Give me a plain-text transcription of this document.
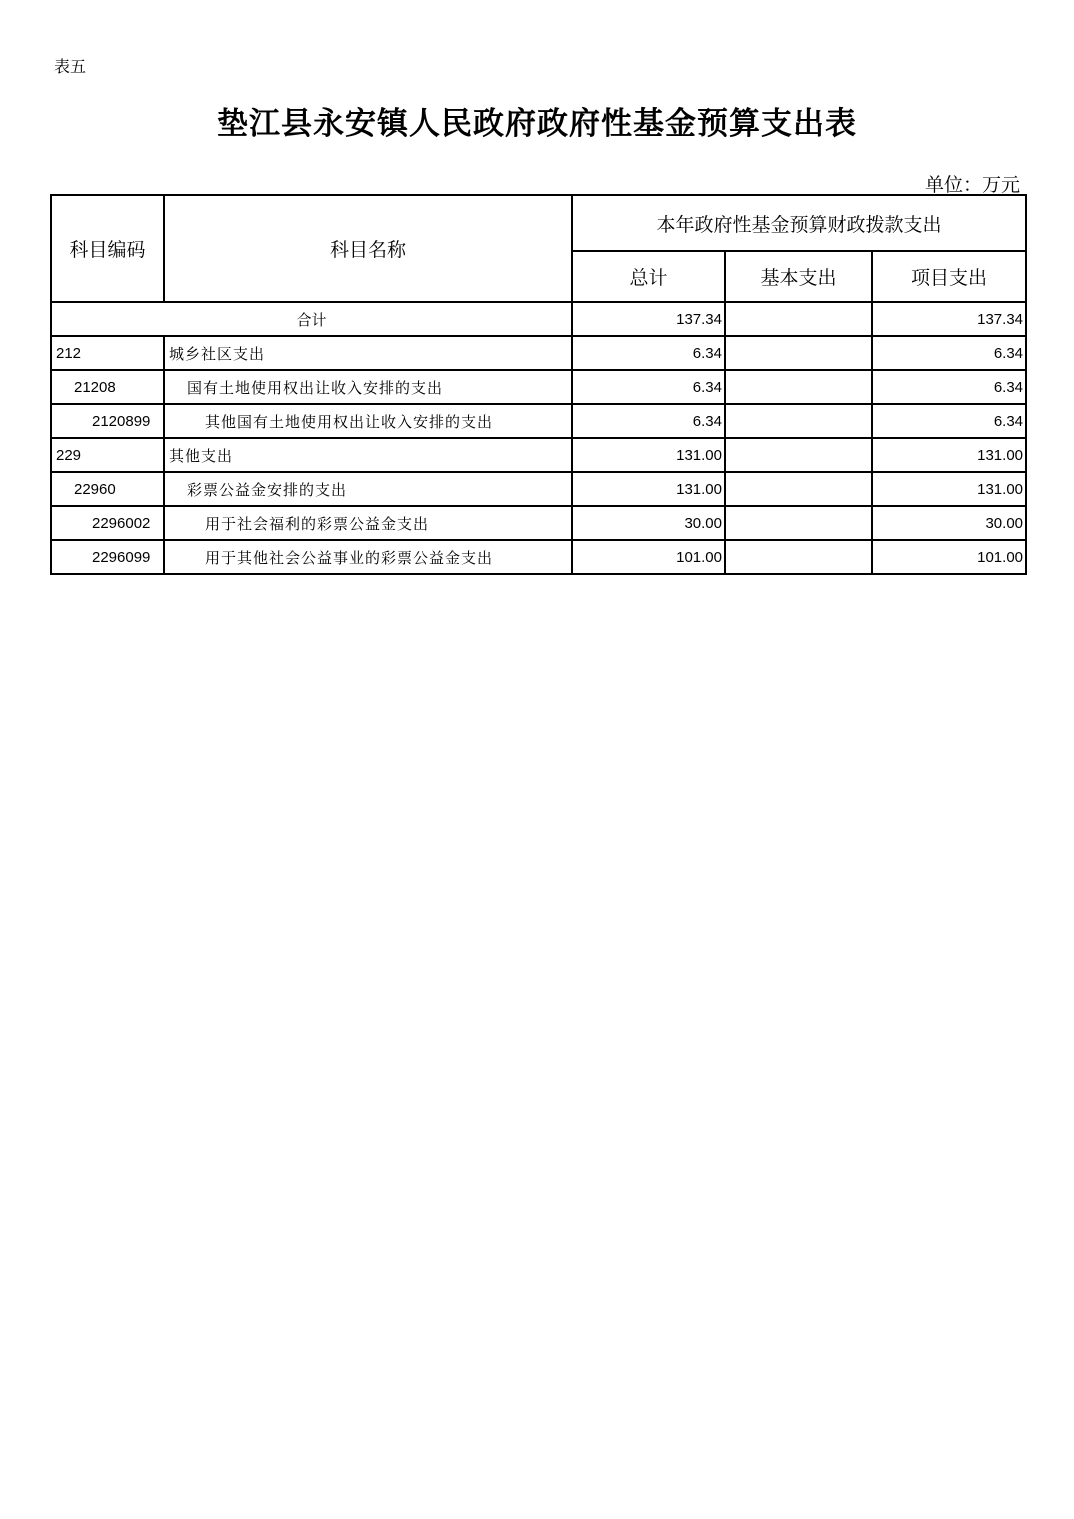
表五
垫江县永安镇人民政府政府性基金预算支出表
单位：万元
科目编码	科目名称	本年政府性基金预算财政拨款支出		
		总计	基本支出	项目支出
合计		137.34		137.34
212	城乡社区支出	6.34		6.34
21208	国有土地使用权出让收入安排的支出	6.34		6.34
2120899	其他国有土地使用权出让收入安排的支出	6.34		6.34
229	其他支出	131.00		131.00
22960	彩票公益金安排的支出	131.00		131.00
2296002	用于社会福利的彩票公益金支出	30.00		30.00
2296099	用于其他社会公益事业的彩票公益金支出	101.00		101.00
